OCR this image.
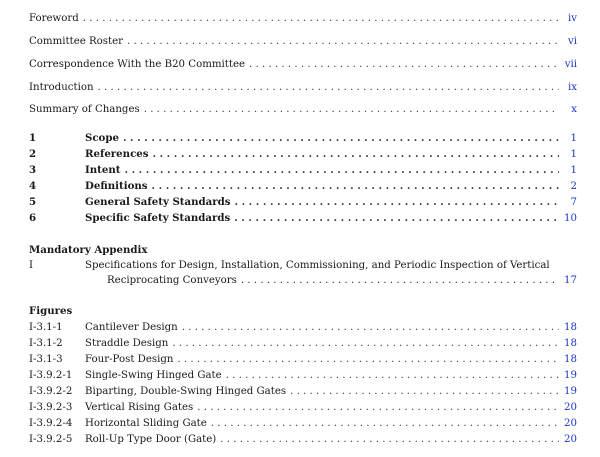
Foreword . . .	iv
Committee Roster . . .	vi
Correspondence With the B20 Committee . . .	vii
Introduction . . .	ix
Summary of Changes . . .	x
1	Scope . . .	1
2	References . . .	1
3	Intent . . .	1
4	Definitions . . .	2
5	General Safety Standards . . .	7
6	Specific Safety Standards . . .	10
Mandatory Appendix
I	Specifications for Design, Installation, Commissioning, and Periodic Inspection of Vertical
Reciprocating Conveyors . . .	17
Figures
I-3.1-1	Cantilever Design . . .	18
I-3.1-2	Straddle Design . . .	18
I-3.1-3	Four-Post Design . . .	18
I-3.9.2-1	Single-Swing Hinged Gate . . .	19
I-3.9.2-2	Biparting, Double-Swing Hinged Gates . . .	19
I-3.9.2-3	Vertical Rising Gates . . .	20
I-3.9.2-4	Horizontal Sliding Gate . . .	20
I-3.9.2-5	Roll-Up Type Door (Gate) . . .	20
